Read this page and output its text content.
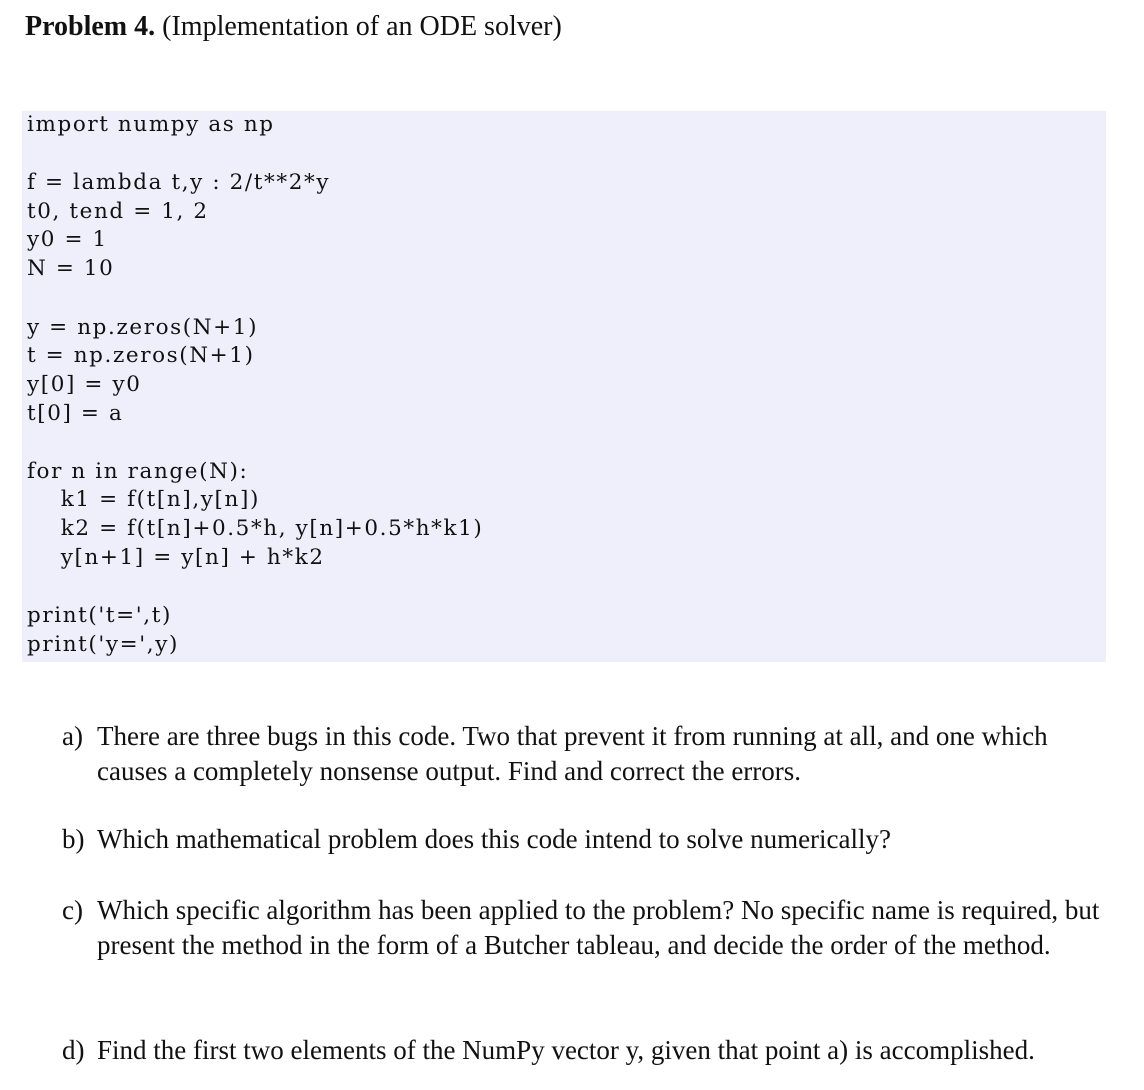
Problem 4. (Implementation of an ODE solver)
import numpy as np
f = lambda t,y : 2/t**2*y
t0, tend = 1, 2
y0 = 1
N = 10
y = np.zeros(N+1)
t = np.zeros(N+1)
y[0] = y0
t[0] = a
for n in range(N):
k1 = f(t[n],y[n])
k2 = f(t[n]+0.5*h, y[n]+0.5*h*k1)
y[n+1] = y[n] + h*k2
print('t=',t)
print('y=',y)
a) There are three bugs in this code. Two that prevent it from running at all, and one which causes a completely nonsense output. Find and correct the errors.
b) Which mathematical problem does this code intend to solve numerically?
c) Which specific algorithm has been applied to the problem? No specific name is required, but present the method in the form of a Butcher tableau, and decide the order of the method.
d) Find the first two elements of the NumPy vector y, given that point a) is accomplished.
